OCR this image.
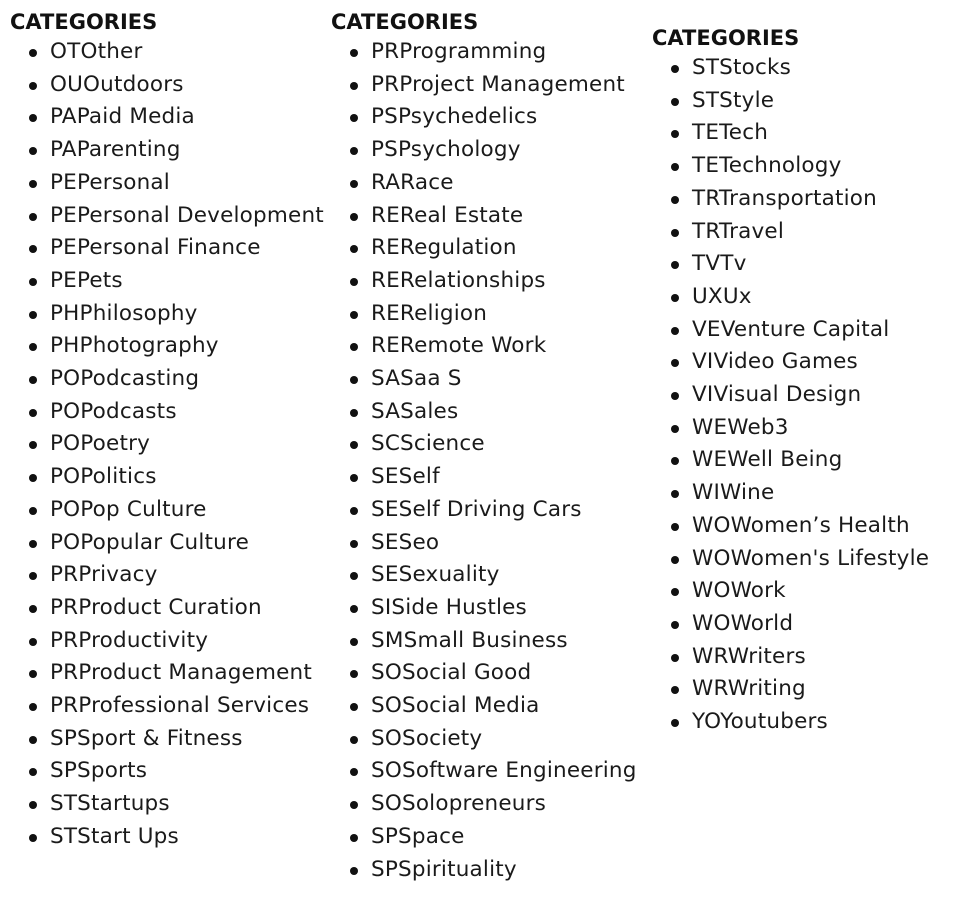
CATEGORIES
OTOther
OUOutdoors
PAPaid Media
PAParenting
PEPersonal
PEPersonal Development
PEPersonal Finance
PEPets
PHPhilosophy
PHPhotography
POPodcasting
POPodcasts
POPoetry
POPolitics
POPop Culture
POPopular Culture
PRPrivacy
PRProduct Curation
PRProductivity
PRProduct Management
PRProfessional Services
SPSport & Fitness
SPSports
STStartups
STStart Ups
CATEGORIES
PRProgramming
PRProject Management
PSPsychedelics
PSPsychology
RARace
REReal Estate
RERegulation
RERelationships
REReligion
RERemote Work
SASaa S
SASales
SCScience
SESelf
SESelf Driving Cars
SESeo
SESexuality
SISide Hustles
SMSmall Business
SOSocial Good
SOSocial Media
SOSociety
SOSoftware Engineering
SOSolopreneurs
SPSpace
SPSpirituality
CATEGORIES
STStocks
STStyle
TETech
TETechnology
TRTransportation
TRTravel
TVTv
UXUx
VEVenture Capital
VIVideo Games
VIVisual Design
WEWeb3
WEWell Being
WIWine
WOWomen’s Health
WOWomen's Lifestyle
WOWork
WOWorld
WRWriters
WRWriting
YOYoutubers
